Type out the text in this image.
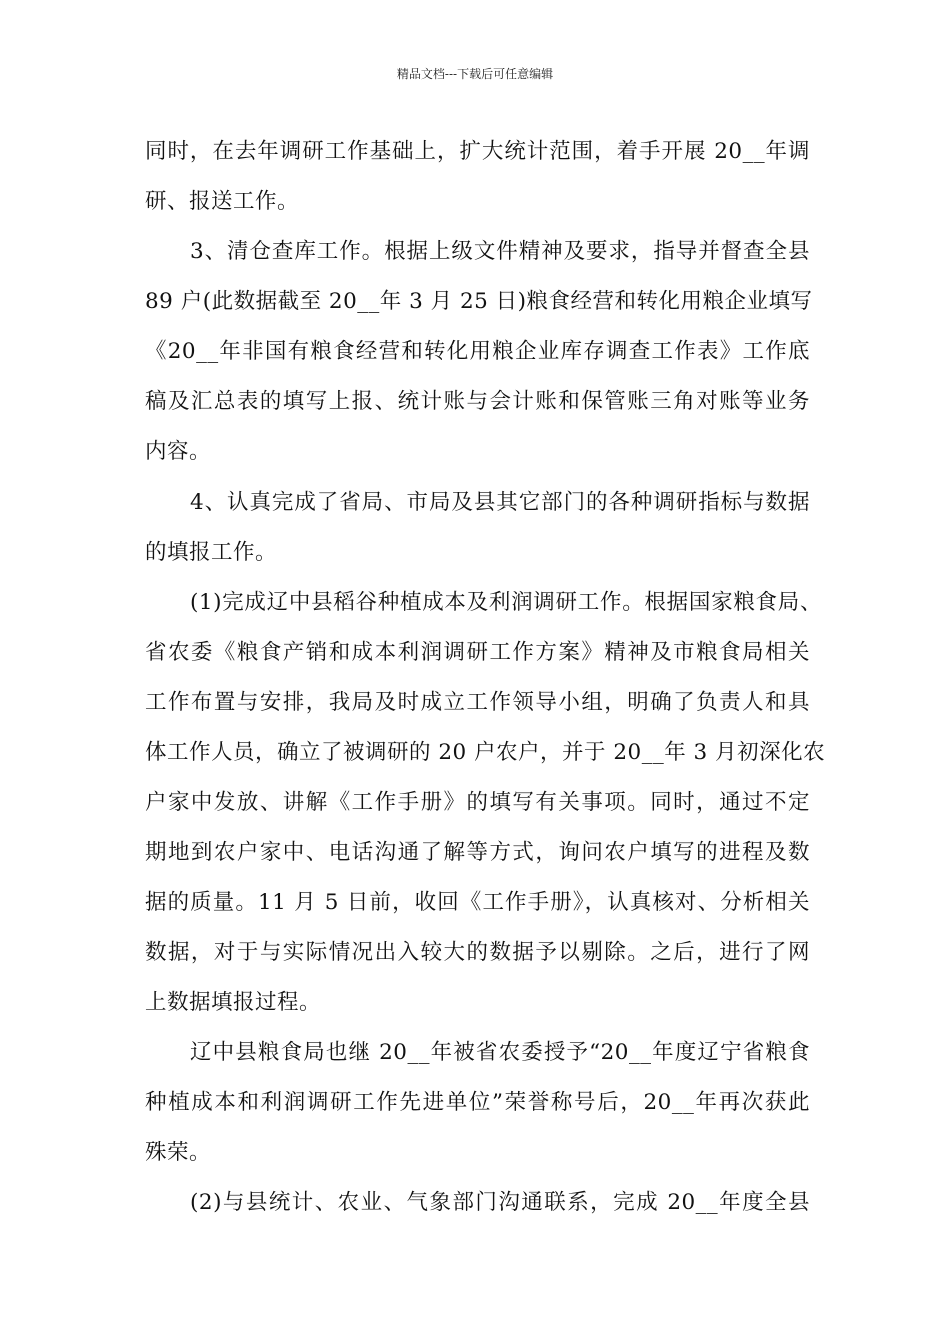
精品文档---下载后可任意编辑
同时，在去年调研工作基础上，扩大统计范围，着手开展 20__年调
研、报送工作。
3、清仓查库工作。根据上级文件精神及要求，指导并督查全县
89 户(此数据截至 20__年 3 月 25 日)粮食经营和转化用粮企业填写
《20__年非国有粮食经营和转化用粮企业库存调查工作表》工作底
稿及汇总表的填写上报、统计账与会计账和保管账三角对账等业务
内容。
4、认真完成了省局、市局及县其它部门的各种调研指标与数据
的填报工作。
(1)完成辽中县稻谷种植成本及利润调研工作。根据国家粮食局、
省农委《粮食产销和成本利润调研工作方案》精神及市粮食局相关
工作布置与安排，我局及时成立工作领导小组，明确了负责人和具
体工作人员，确立了被调研的 20 户农户，并于 20__年 3 月初深化农
户家中发放、讲解《工作手册》的填写有关事项。同时，通过不定
期地到农户家中、电话沟通了解等方式，询问农户填写的进程及数
据的质量。11 月 5 日前，收回《工作手册》，认真核对、分析相关
数据，对于与实际情况出入较大的数据予以剔除。之后，进行了网
上数据填报过程。
辽中县粮食局也继 20__年被省农委授予“20__年度辽宁省粮食
种植成本和利润调研工作先进单位”荣誉称号后，20__年再次获此
殊荣。
(2)与县统计、农业、气象部门沟通联系，完成 20__年度全县
